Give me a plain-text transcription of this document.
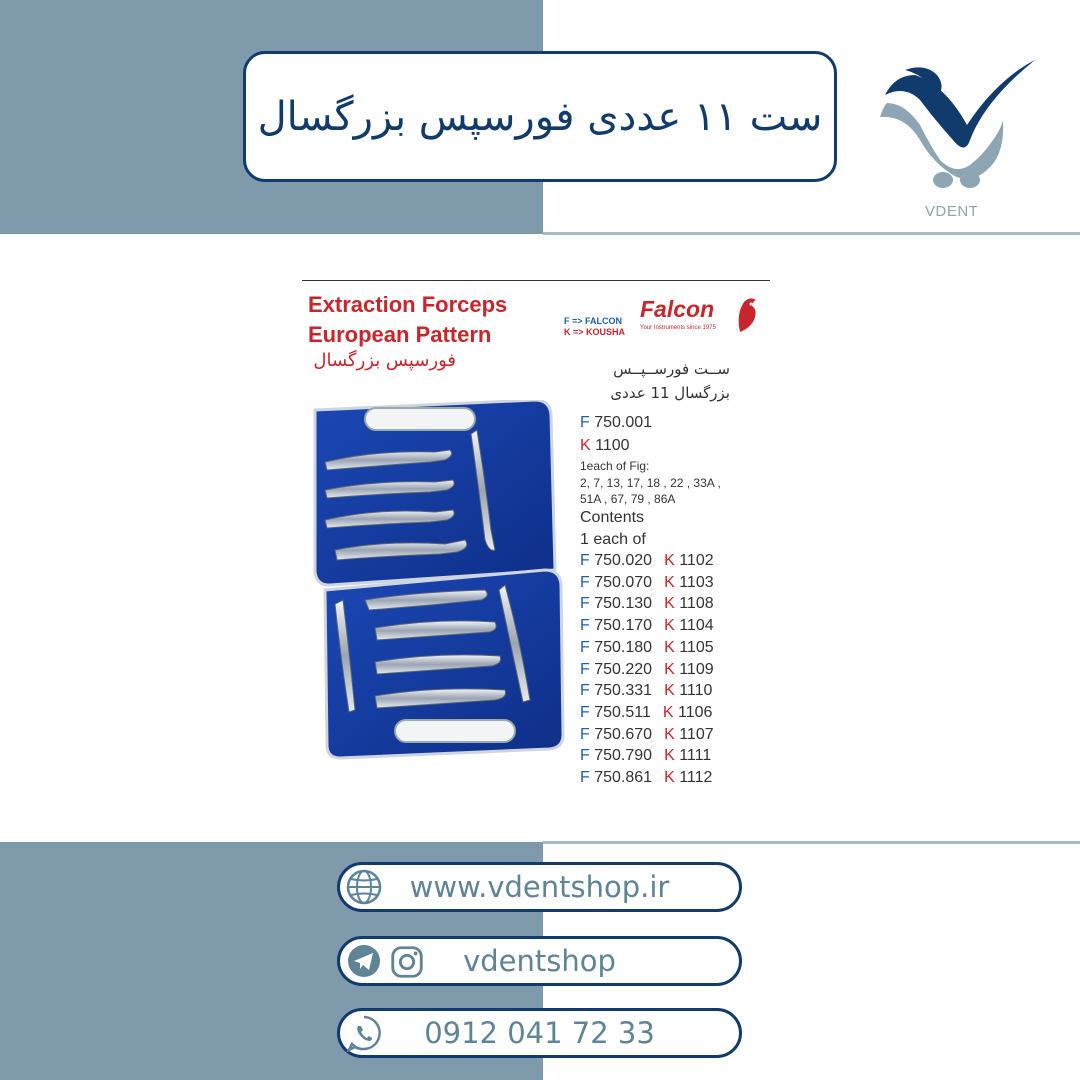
ست ۱۱ عددی فورسپس بزرگسال
VDENT
Extraction Forceps
European Pattern
فورسپس بزرگسال
F => FALCON
K => KOUSHA
Falcon
Your Instruments since 1975
ســت فورســپــس
بزرگسال 11 عددی
F 750.001
K 1100
1each of Fig:
2, 7, 13, 17, 18 , 22 , 33A ,
51A , 67, 79 , 86A
Contents
1 each of
F 750.020 K 1102
F 750.070 K 1103
F 750.130 K 1108
F 750.170 K 1104
F 750.180 K 1105
F 750.220 K 1109
F 750.331 K 1110
F 750.511 K 1106
F 750.670 K 1107
F 750.790 K 1111
F 750.861 K 1112
www.vdentshop.ir
vdentshop
0912 041 72 33
